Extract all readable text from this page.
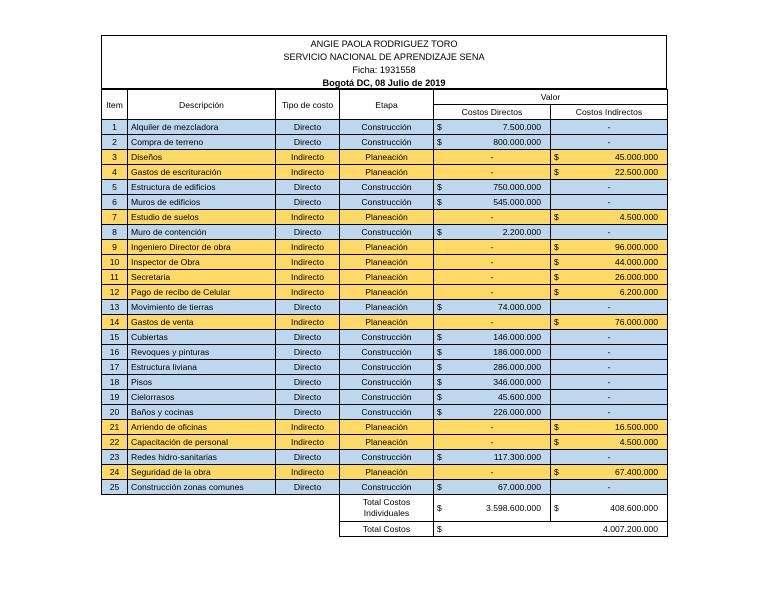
ANGIE PAOLA RODRIGUEZ TORO
SERVICIO NACIONAL DE APRENDIZAJE SENA
Ficha: 1931558
Bogotá DC, 08 Julio de 2019
Item	Descripción	Tipo de costo	Etapa	Valor	
				Costos Directos	Costos Indirectos
1	Alquiler de mezcladora	Directo	Construcción	$ 7.500.000	-

2	Compra de terreno	Directo	Construcción	$ 800.000.000	-

3	Diseños	Indirecto	Planeación	-	$ 45.000.000

4	Gastos de escrituración	Indirecto	Planeación	-	$ 22.500.000

5	Estructura de edificios	Directo	Construcción	$ 750.000.000	-

6	Muros de edificios	Directo	Construcción	$ 545.000.000	-

7	Estudio de suelos	Indirecto	Planeación	-	$ 4.500.000

8	Muro de contención	Directo	Construcción	$ 2.200.000	-

9	Ingeniero Director de obra	Indirecto	Planeación	-	$ 96.000.000

10	Inspector de Obra	Indirecto	Planeación	-	$ 44.000.000

11	Secretaria	Indirecto	Planeación	-	$ 26.000.000

12	Pago de recibo de Celular	Indirecto	Planeación	-	$ 6.200.000

13	Movimiento de tierras	Directo	Planeación	$ 74.000.000	-

14	Gastos de venta	Indirecto	Planeación	-	$ 76.000.000

15	Cubiertas	Directo	Construcción	$ 146.000.000	-

16	Revoques y pinturas	Directo	Construcción	$ 186.000.000	-

17	Estructura liviana	Directo	Construcción	$ 286.000.000	-

18	Pisos	Directo	Construcción	$ 346.000.000	-

19	Cielorrasos	Directo	Construcción	$ 45.600.000	-

20	Baños y cocinas	Directo	Construcción	$ 226.000.000	-

21	Arriendo de oficinas	Indirecto	Planeación	-	$ 16.500.000

22	Capacitación de personal	Indirecto	Planeación	-	$ 4.500.000

23	Redes hidro-sanitarias	Directo	Construcción	$ 117.300.000	-

24	Seguridad de la obra	Indirecto	Planeación	-	$ 67.400.000

25	Construcción zonas comunes	Directo	Construcción	$ 67.000.000	-

			Total Costos Individuales	$ 3.598.600.000	$ 408.600.000

			Total Costos	$ 4.007.200.000	
